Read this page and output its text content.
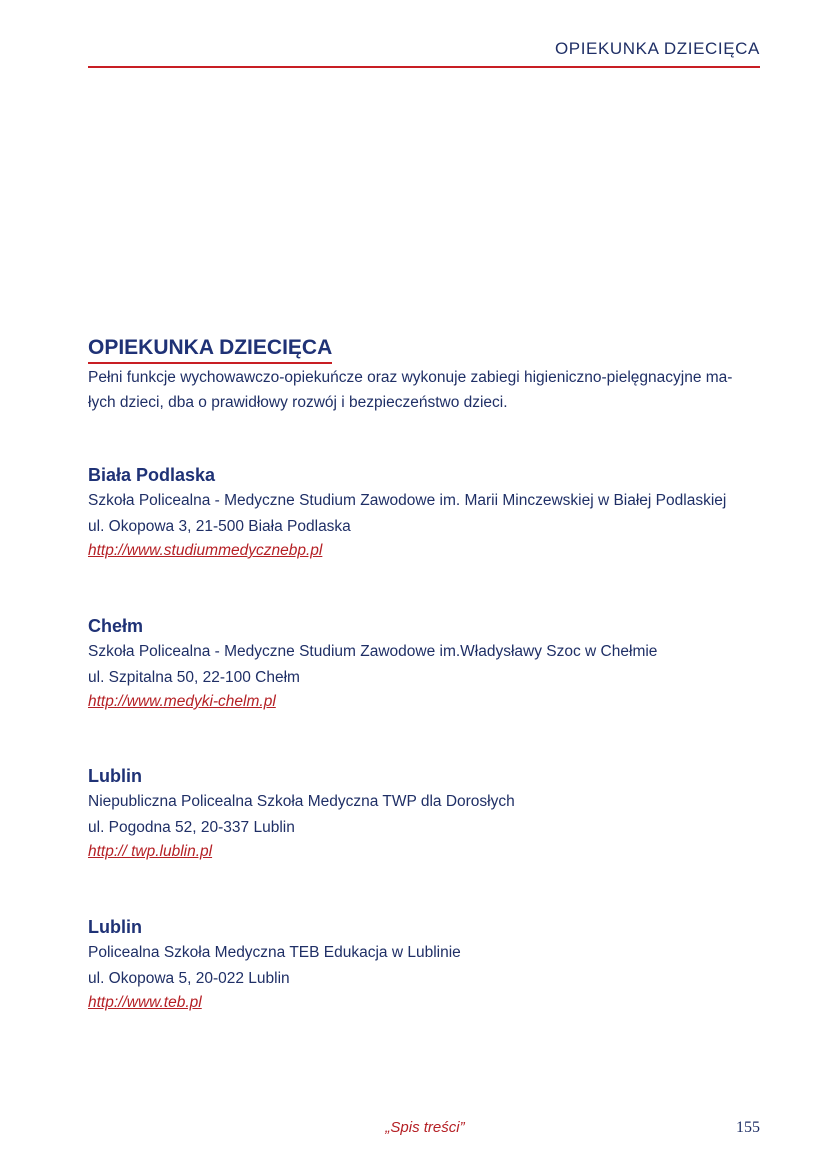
OPIEKUNKA DZIECIĘCA
OPIEKUNKA DZIECIĘCA

Pełni funkcje wychowawczo-opiekuńcze oraz wykonuje zabiegi higieniczno-pielęgnacyjne ma-
łych dzieci, dba o prawidłowy rozwój i bezpieczeństwo dzieci.

Biała Podlaska
Szkoła Policealna - Medyczne Studium Zawodowe im. Marii Minczewskiej w Białej Podlaskiej
ul. Okopowa 3, 21-500 Biała Podlaska
http://www.studiummedycznebp.pl
Chełm
Szkoła Policealna - Medyczne Studium Zawodowe im.Władysławy Szoc w Chełmie
ul. Szpitalna 50, 22-100 Chełm
http://www.medyki-chelm.pl
Lublin
Niepubliczna Policealna Szkoła Medyczna TWP dla Dorosłych
ul. Pogodna 52, 20-337 Lublin
http:// twp.lublin.pl
Lublin
Policealna Szkoła Medyczna TEB Edukacja w Lublinie
ul. Okopowa 5, 20-022 Lublin
http://www.teb.pl
„Spis treści”	155
